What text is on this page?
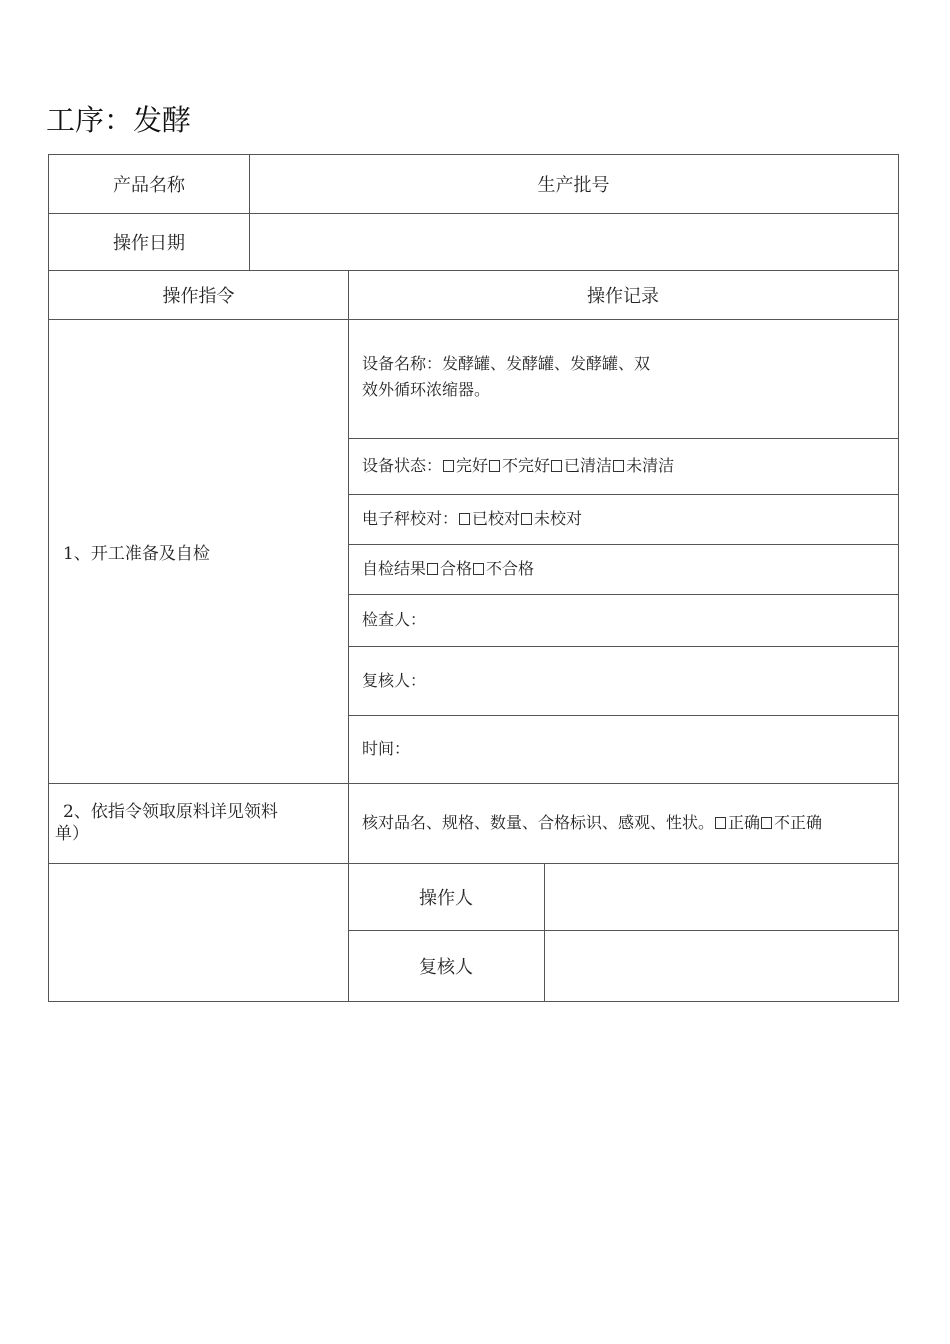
工序：发酵
产品名称	生产批号
操作日期
操作指令	操作记录
1、开工准备及自检
设备名称：发酵罐、发酵罐、发酵罐、双
效外循环浓缩器。
设备状态： 完好 不完好 已清洁 未清洁
电子秤校对： 已校对 未校对
自检结果 合格 不合格
检查人：
复核人：
时间：
2、依指令领取原料详见领料
单）
核对品名、规格、数量、合格标识、感观、性状。 正确 不正确
操作人
复核人
